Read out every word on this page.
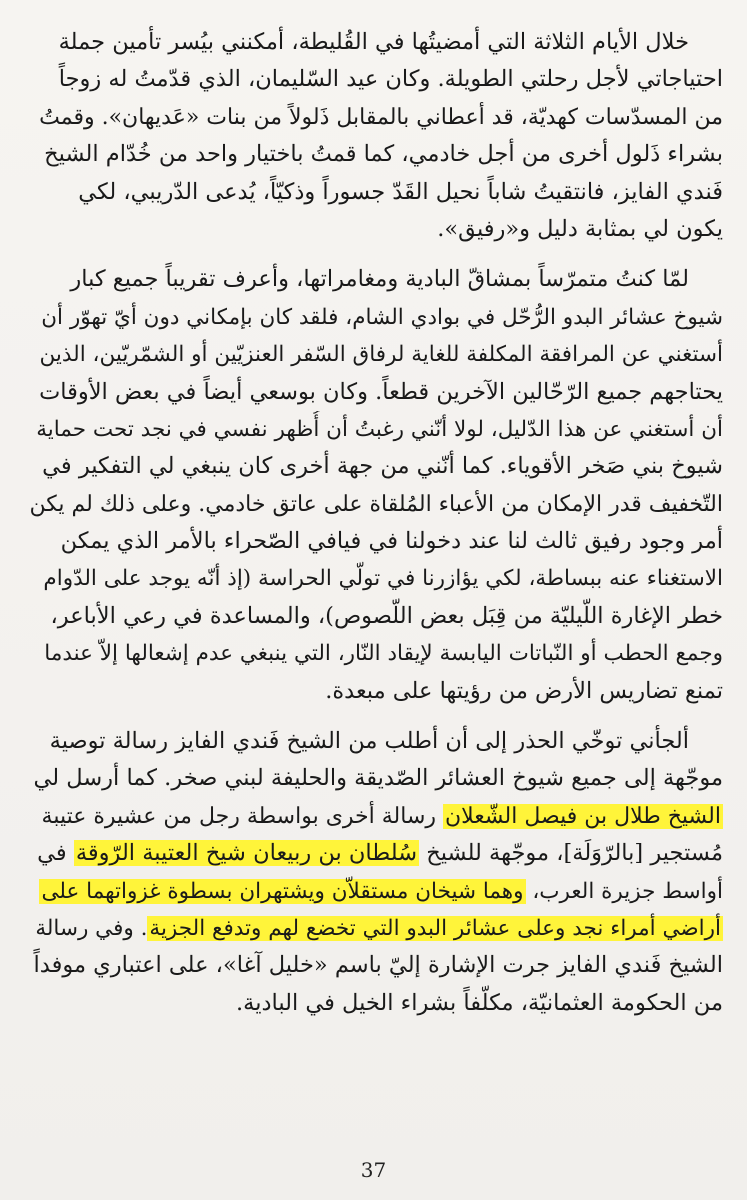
خلال الأيام الثلاثة التي أمضيتُها في القُليطة، أمكنني بيُسر تأمين جملة
احتياجاتي لأجل رحلتي الطويلة. وكان عيد السّليمان، الذي قدّمتُ له زوجاً
من المسدّسات كهديّة، قد أعطاني بالمقابل ذَلولاً من بنات «عَديهان». وقمتُ
بشراء ذَلول أخرى من أجل خادمي، كما قمتُ باختيار واحد من خُدّام الشيخ
فَندي الفايز، فانتقيتُ شاباً نحيل القَدّ جسوراً وذكيّاً، يُدعى الدّريبي، لكي
يكون لي بمثابة دليل و«رفيق».
لمّا كنتُ متمرّساً بمشاقّ البادية ومغامراتها، وأعرف تقريباً جميع كبار
شيوخ عشائر البدو الرُّحّل في بوادي الشام، فلقد كان بإمكاني دون أيّ تهوّر أن
أستغني عن المرافقة المكلفة للغاية لرفاق السّفر العنزيّين أو الشمّريّين، الذين
يحتاجهم جميع الرّحّالين الآخرين قطعاً. وكان بوسعي أيضاً في بعض الأوقات
أن أستغني عن هذا الدّليل، لولا أنّني رغبتُ أن أُظهر نفسي في نجد تحت حماية
شيوخ بني صَخر الأقوياء. كما أنّني من جهة أخرى كان ينبغي لي التفكير في
التّخفيف قدر الإمكان من الأعباء المُلقاة على عاتق خادمي. وعلى ذلك لم يكن
أمر وجود رفيق ثالث لنا عند دخولنا في فيافي الصّحراء بالأمر الذي يمكن
الاستغناء عنه ببساطة، لكي يؤازرنا في تولّي الحراسة (إذ أنّه يوجد على الدّوام
خطر الإغارة اللّيليّة من قِبَل بعض اللّصوص)، والمساعدة في رعي الأباعر،
وجمع الحطب أو النّباتات اليابسة لإيقاد النّار، التي ينبغي عدم إشعالها إلاّ عندما
تمنع تضاريس الأرض من رؤيتها على مبعدة.
ألجأني توخّي الحذر إلى أن أطلب من الشيخ فَندي الفايز رسالة توصية
موجّهة إلى جميع شيوخ العشائر الصّديقة والحليفة لبني صخر. كما أرسل لي
الشيخ طلال بن فيصل الشّعلان رسالة أخرى بواسطة رجل من عشيرة عتيبة
مُستجير [بالرّوَلَة]، موجّهة للشيخ سُلطان بن ربيعان شيخ العتيبة الرّوقة في
أواسط جزيرة العرب، وهما شيخان مستقلاّن ويشتهران بسطوة غزواتهما على
أراضي أمراء نجد وعلى عشائر البدو التي تخضع لهم وتدفع الجزية. وفي رسالة
الشيخ فَندي الفايز جرت الإشارة إليّ باسم «خليل آغا»، على اعتباري موفداً
من الحكومة العثمانيّة، مكلّفاً بشراء الخيل في البادية.
37
